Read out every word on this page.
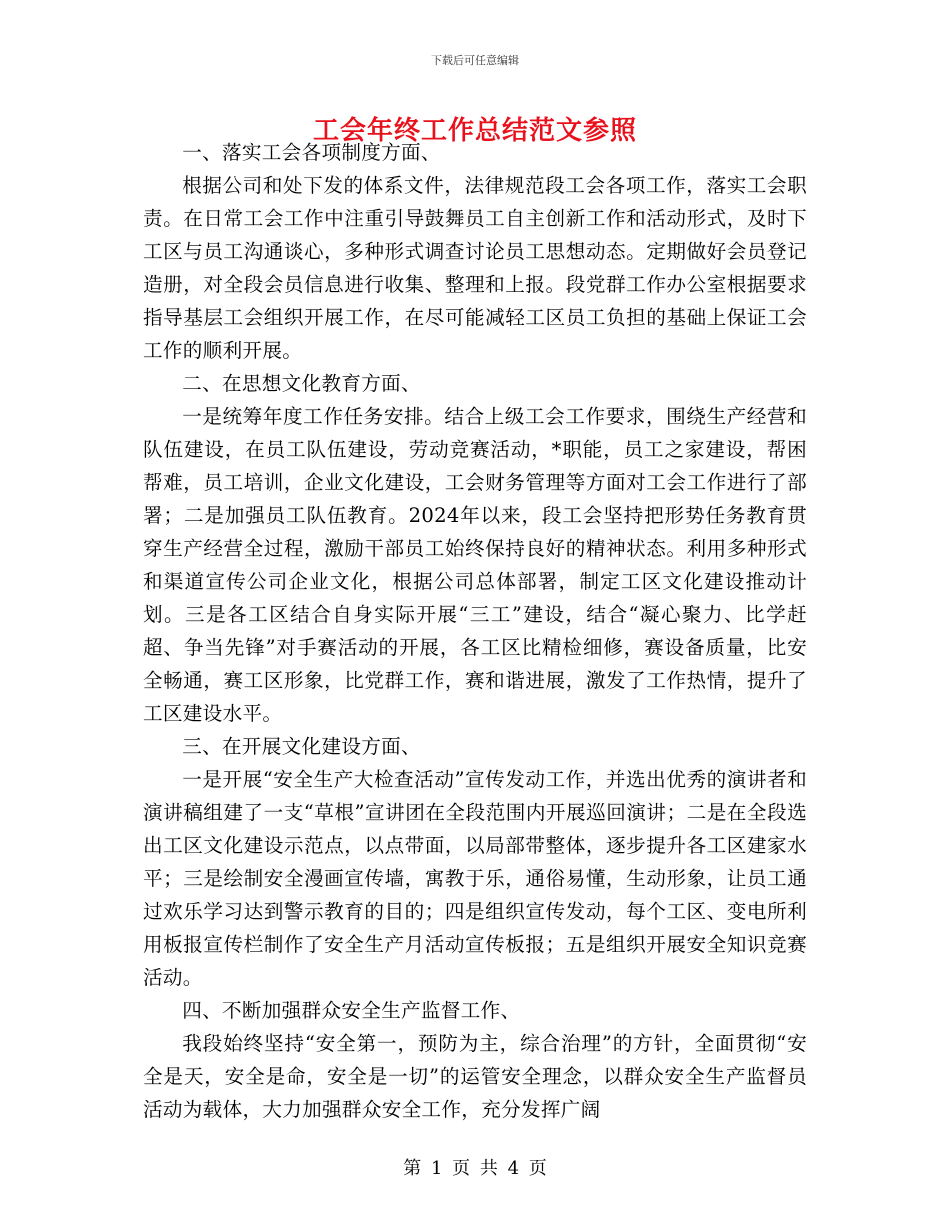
下载后可任意编辑
工会年终工作总结范文参照

一、落实工会各项制度方面、

根据公司和处下发的体系文件，法律规范段工会各项工作，落实工会职责。在日常工会工作中注重引导鼓舞员工自主创新工作和活动形式，及时下工区与员工沟通谈心，多种形式调查讨论员工思想动态。定期做好会员登记造册，对全段会员信息进行收集、整理和上报。段党群工作办公室根据要求指导基层工会组织开展工作，在尽可能减轻工区员工负担的基础上保证工会工作的顺利开展。

二、在思想文化教育方面、

一是统筹年度工作任务安排。结合上级工会工作要求，围绕生产经营和队伍建设，在员工队伍建设，劳动竞赛活动，*职能，员工之家建设，帮困帮难，员工培训，企业文化建设，工会财务管理等方面对工会工作进行了部署；二是加强员工队伍教育。2024年以来，段工会坚持把形势任务教育贯穿生产经营全过程，激励干部员工始终保持良好的精神状态。利用多种形式和渠道宣传公司企业文化，根据公司总体部署，制定工区文化建设推动计划。三是各工区结合自身实际开展“三工”建设，结合“凝心聚力、比学赶超、争当先锋”对手赛活动的开展，各工区比精检细修，赛设备质量，比安全畅通，赛工区形象，比党群工作，赛和谐进展，激发了工作热情，提升了工区建设水平。

三、在开展文化建设方面、

一是开展“安全生产大检查活动”宣传发动工作，并选出优秀的演讲者和演讲稿组建了一支“草根”宣讲团在全段范围内开展巡回演讲；二是在全段选出工区文化建设示范点，以点带面，以局部带整体，逐步提升各工区建家水平；三是绘制安全漫画宣传墙，寓教于乐，通俗易懂，生动形象，让员工通过欢乐学习达到警示教育的目的；四是组织宣传发动，每个工区、变电所利用板报宣传栏制作了安全生产月活动宣传板报；五是组织开展安全知识竞赛活动。

四、不断加强群众安全生产监督工作、

我段始终坚持“安全第一，预防为主，综合治理”的方针，全面贯彻“安全是天，安全是命，安全是一切”的运管安全理念，以群众安全生产监督员活动为载体，大力加强群众安全工作，充分发挥广阔

第 1 页 共 4 页
